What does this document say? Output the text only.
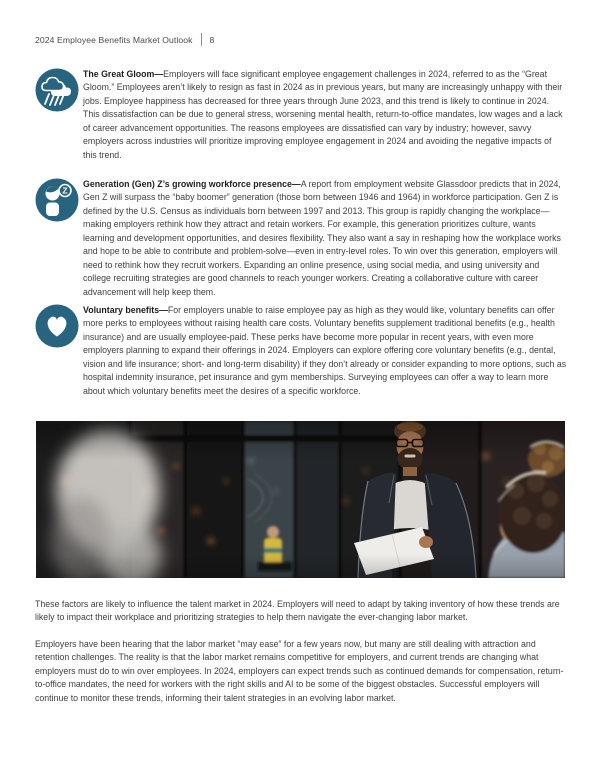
2024 Employee Benefits Market Outlook 8

The Great Gloom—Employers will face significant employee engagement challenges in 2024, referred to as the “Great Gloom.” Employees aren’t likely to resign as fast in 2024 as in previous years, but many are increasingly unhappy with their jobs. Employee happiness has decreased for three years through June 2023, and this trend is likely to continue in 2024. This dissatisfaction can be due to general stress, worsening mental health, return-to-office mandates, low wages and a lack of career advancement opportunities. The reasons employees are dissatisfied can vary by industry; however, savvy employers across industries will prioritize improving employee engagement in 2024 and avoiding the negative impacts of this trend.

Z

Generation (Gen) Z’s growing workforce presence—A report from employment website Glassdoor predicts that in 2024, Gen Z will surpass the “baby boomer” generation (those born between 1946 and 1964) in workforce participation. Gen Z is defined by the U.S. Census as individuals born between 1997 and 2013. This group is rapidly changing the workplace—making employers rethink how they attract and retain workers. For example, this generation prioritizes culture, wants learning and development opportunities, and desires flexibility. They also want a say in reshaping how the workplace works and hope to be able to contribute and problem-solve—even in entry-level roles. To win over this generation, employers will need to rethink how they recruit workers. Expanding an online presence, using social media, and using university and college recruiting strategies are good channels to reach younger workers. Creating a collaborative culture with career advancement will help keep them.

Voluntary benefits—For employers unable to raise employee pay as high as they would like, voluntary benefits can offer more perks to employees without raising health care costs. Voluntary benefits supplement traditional benefits (e.g., health insurance) and are usually employee-paid. These perks have become more popular in recent years, with even more employers planning to expand their offerings in 2024. Employers can explore offering core voluntary benefits (e.g., dental, vision and life insurance; short- and long-term disability) if they don’t already or consider expanding to more options, such as hospital indemnity insurance, pet insurance and gym memberships. Surveying employees can offer a way to learn more about which voluntary benefits meet the desires of a specific workforce.

These factors are likely to influence the talent market in 2024. Employers will need to adapt by taking inventory of how these trends are likely to impact their workplace and prioritizing strategies to help them navigate the ever-changing labor market.

Employers have been hearing that the labor market “may ease” for a few years now, but many are still dealing with attraction and retention challenges. The reality is that the labor market remains competitive for employers, and current trends are changing what employers must do to win over employees. In 2024, employers can expect trends such as continued demands for compensation, return-to-office mandates, the need for workers with the right skills and AI to be some of the biggest obstacles. Successful employers will continue to monitor these trends, informing their talent strategies in an evolving labor market.
